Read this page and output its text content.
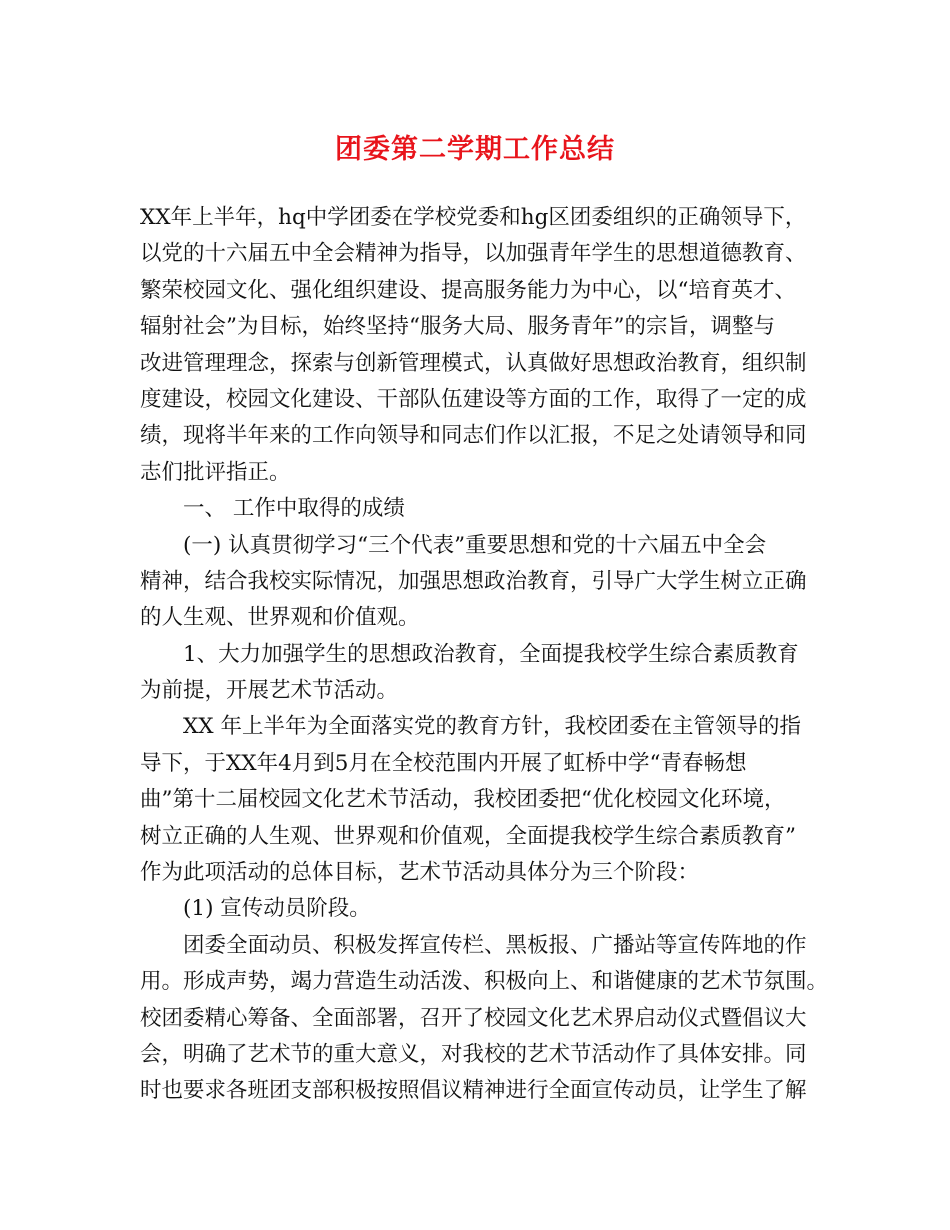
团委第二学期工作总结
XX年上半年，hq中学团委在学校党委和hg区团委组织的正确领导下，
以党的十六届五中全会精神为指导，以加强青年学生的思想道德教育、
繁荣校园文化、强化组织建设、提高服务能力为中心，以“培育英才、
辐射社会”为目标，始终坚持“服务大局、服务青年”的宗旨，调整与
改进管理理念，探索与创新管理模式，认真做好思想政治教育，组织制
度建设，校园文化建设、干部队伍建设等方面的工作，取得了一定的成
绩，现将半年来的工作向领导和同志们作以汇报，不足之处请领导和同
志们批评指正。
一、 工作中取得的成绩
(一) 认真贯彻学习“三个代表”重要思想和党的十六届五中全会
精神，结合我校实际情况，加强思想政治教育，引导广大学生树立正确
的人生观、世界观和价值观。
1、大力加强学生的思想政治教育，全面提我校学生综合素质教育
为前提，开展艺术节活动。
XX 年上半年为全面落实党的教育方针，我校团委在主管领导的指
导下，于XX年4月到5月在全校范围内开展了虹桥中学“青春畅想
曲”第十二届校园文化艺术节活动，我校团委把“优化校园文化环境，
树立正确的人生观、世界观和价值观，全面提我校学生综合素质教育”
作为此项活动的总体目标，艺术节活动具体分为三个阶段：
(1) 宣传动员阶段。
团委全面动员、积极发挥宣传栏、黑板报、广播站等宣传阵地的作
用。形成声势，竭力营造生动活泼、积极向上、和谐健康的艺术节氛围。
校团委精心筹备、全面部署，召开了校园文化艺术界启动仪式暨倡议大
会，明确了艺术节的重大意义，对我校的艺术节活动作了具体安排。同
时也要求各班团支部积极按照倡议精神进行全面宣传动员，让学生了解
